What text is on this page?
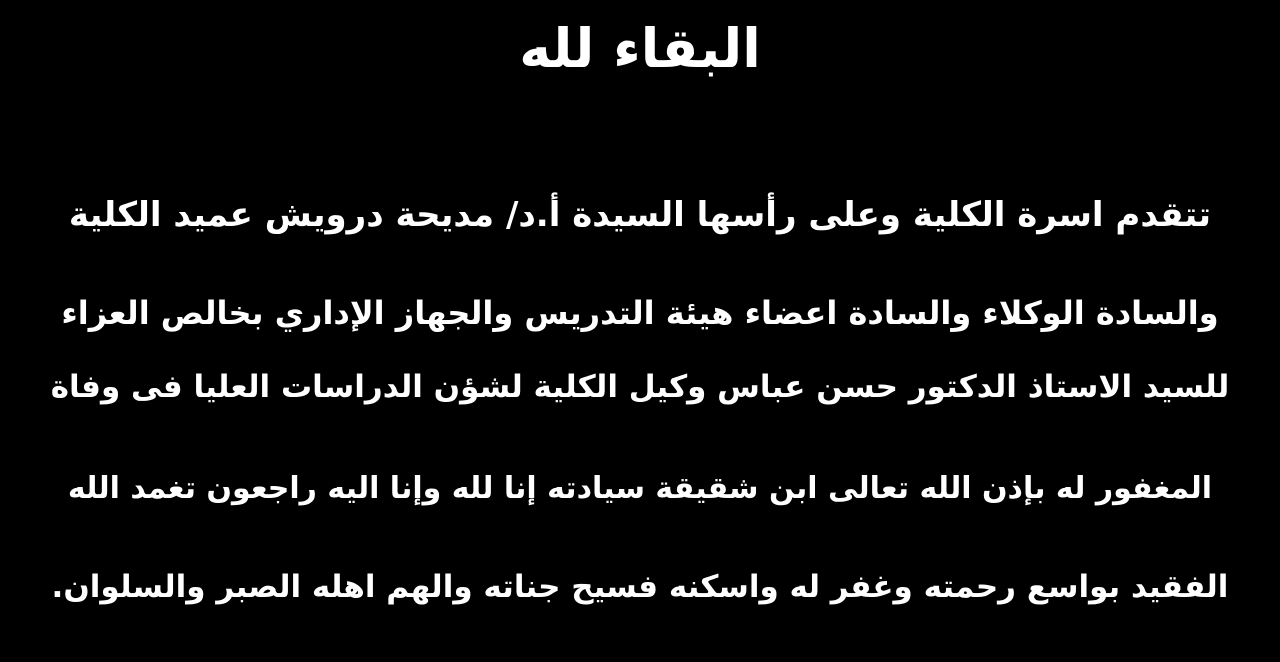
البقاء لله
تتقدم اسرة الكلية وعلى رأسها السيدة أ.د/ مديحة درويش عميد الكلية
والسادة الوكلاء والسادة اعضاء هيئة التدريس والجهاز الإداري بخالص العزاء
للسيد الاستاذ الدكتور حسن عباس وكيل الكلية لشؤن الدراسات العليا فى وفاة
المغفور له بإذن الله تعالى ابن شقيقة سيادته إنا لله وإنا اليه راجعون تغمد الله
الفقيد بواسع رحمته وغفر له واسكنه فسيح جناته والهم اهله الصبر والسلوان.
